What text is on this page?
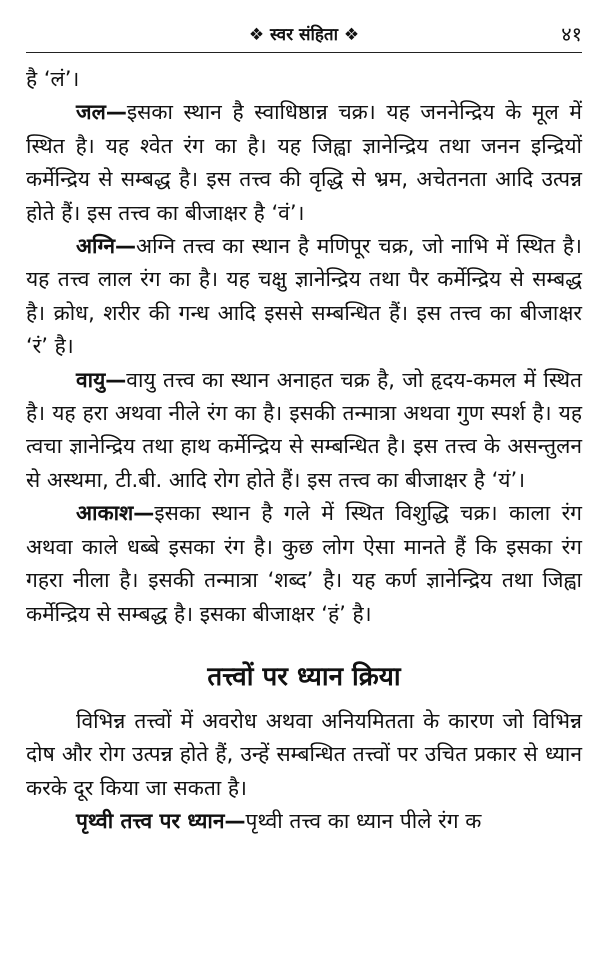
❖ स्वर संहिता ❖	४१

है ‘लं’।

जल—इसका स्थान है स्वाधिष्ठान्न चक्र। यह जननेन्द्रिय के मूल में स्थित है। यह श्वेत रंग का है। यह जिह्वा ज्ञानेन्द्रिय तथा जनन इन्द्रियों कर्मेन्द्रिय से सम्बद्ध है। इस तत्त्व की वृद्धि से भ्रम, अचेतनता आदि उत्पन्न होते हैं। इस तत्त्व का बीजाक्षर है ‘वं’।

अग्नि—अग्नि तत्त्व का स्थान है मणिपूर चक्र, जो नाभि में स्थित है। यह तत्त्व लाल रंग का है। यह चक्षु ज्ञानेन्द्रिय तथा पैर कर्मेन्द्रिय से सम्बद्ध है। क्रोध, शरीर की गन्ध आदि इससे सम्बन्धित हैं। इस तत्त्व का बीजाक्षर ‘रं’ है।

वायु—वायु तत्त्व का स्थान अनाहत चक्र है, जो हृदय-कमल में स्थित है। यह हरा अथवा नीले रंग का है। इसकी तन्मात्रा अथवा गुण स्पर्श है। यह त्वचा ज्ञानेन्द्रिय तथा हाथ कर्मेन्द्रिय से सम्बन्धित है। इस तत्त्व के असन्तुलन से अस्थमा, टी.बी. आदि रोग होते हैं। इस तत्त्व का बीजाक्षर है ‘यं’।

आकाश—इसका स्थान है गले में स्थित विशुद्धि चक्र। काला रंग अथवा काले धब्बे इसका रंग है। कुछ लोग ऐसा मानते हैं कि इसका रंग गहरा नीला है। इसकी तन्मात्रा ‘शब्द’ है। यह कर्ण ज्ञानेन्द्रिय तथा जिह्वा कर्मेन्द्रिय से सम्बद्ध है। इसका बीजाक्षर ‘हं’ है।

तत्त्वों पर ध्यान क्रिया

विभिन्न तत्त्वों में अवरोध अथवा अनियमितता के कारण जो विभिन्न दोष और रोग उत्पन्न होते हैं, उन्हें सम्बन्धित तत्त्वों पर उचित प्रकार से ध्यान करके दूर किया जा सकता है।

पृथ्वी तत्त्व पर ध्यान—पृथ्वी तत्त्व का ध्यान पीले रंग क
